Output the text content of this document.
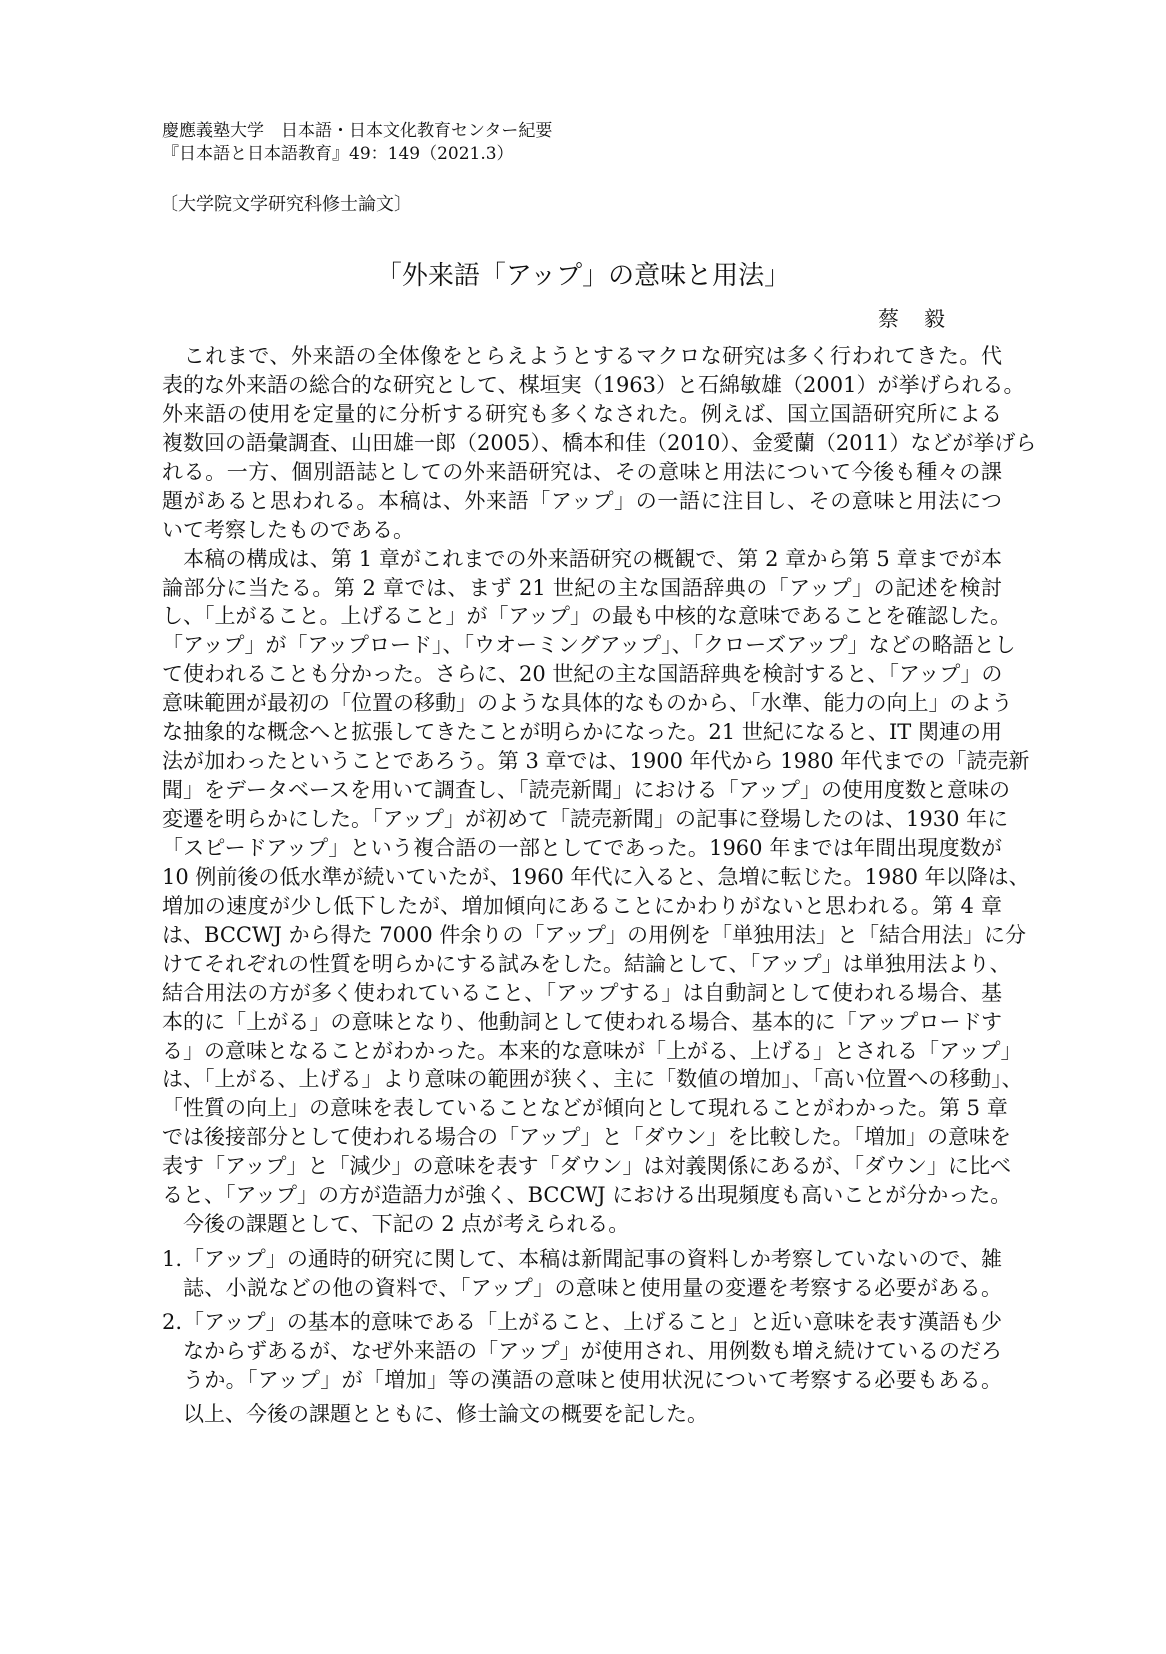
慶應義塾大学　日本語・日本文化教育センター紀要
『日本語と日本語教育』49：149（2021.3）
〔大学院文学研究科修士論文〕
「外来語「アップ」の意味と用法」
蔡　毅
　これまで、外来語の全体像をとらえようとするマクロな研究は多く行われてきた。代
表的な外来語の総合的な研究として、楳垣実（1963）と石綿敏雄（2001）が挙げられる。
外来語の使用を定量的に分析する研究も多くなされた。例えば、国立国語研究所による
複数回の語彙調査、山田雄一郎（2005）、橋本和佳（2010）、金愛蘭（2011）などが挙げら
れる。一方、個別語誌としての外来語研究は、その意味と用法について今後も種々の課
題があると思われる。本稿は、外来語「アップ」の一語に注目し、その意味と用法につ
いて考察したものである。
　本稿の構成は、第 1 章がこれまでの外来語研究の概観で、第 2 章から第 5 章までが本
論部分に当たる。第 2 章では、まず 21 世紀の主な国語辞典の「アップ」の記述を検討
し、「上がること。上げること」が「アップ」の最も中核的な意味であることを確認した。
「アップ」が「アップロード」、「ウオーミングアップ」、「クローズアップ」などの略語とし
て使われることも分かった。さらに、20 世紀の主な国語辞典を検討すると、「アップ」の
意味範囲が最初の「位置の移動」のような具体的なものから、「水準、能力の向上」のよう
な抽象的な概念へと拡張してきたことが明らかになった。21 世紀になると、IT 関連の用
法が加わったということであろう。第 3 章では、1900 年代から 1980 年代までの「読売新
聞」をデータベースを用いて調査し、「読売新聞」における「アップ」の使用度数と意味の
変遷を明らかにした。「アップ」が初めて「読売新聞」の記事に登場したのは、1930 年に
「スピードアップ」という複合語の一部としてであった。1960 年までは年間出現度数が
10 例前後の低水準が続いていたが、1960 年代に入ると、急増に転じた。1980 年以降は、
増加の速度が少し低下したが、増加傾向にあることにかわりがないと思われる。第 4 章
は、BCCWJ から得た 7000 件余りの「アップ」の用例を「単独用法」と「結合用法」に分
けてそれぞれの性質を明らかにする試みをした。結論として、「アップ」は単独用法より、
結合用法の方が多く使われていること、「アップする」は自動詞として使われる場合、基
本的に「上がる」の意味となり、他動詞として使われる場合、基本的に「アップロードす
る」の意味となることがわかった。本来的な意味が「上がる、上げる」とされる「アップ」
は、「上がる、上げる」より意味の範囲が狭く、主に「数値の増加」、「高い位置への移動」、
「性質の向上」の意味を表していることなどが傾向として現れることがわかった。第 5 章
では後接部分として使われる場合の「アップ」と「ダウン」を比較した。「増加」の意味を
表す「アップ」と「減少」の意味を表す「ダウン」は対義関係にあるが、「ダウン」に比べ
ると、「アップ」の方が造語力が強く、BCCWJ における出現頻度も高いことが分かった。
　今後の課題として、下記の 2 点が考えられる。
1. 「アップ」の通時的研究に関して、本稿は新聞記事の資料しか考察していないので、雑
誌、小説などの他の資料で、「アップ」の意味と使用量の変遷を考察する必要がある。
2. 「アップ」の基本的意味である「上がること、上げること」と近い意味を表す漢語も少
なからずあるが、なぜ外来語の「アップ」が使用され、用例数も増え続けているのだろ
うか。「アップ」が「増加」等の漢語の意味と使用状況について考察する必要もある。
以上、今後の課題とともに、修士論文の概要を記した。
